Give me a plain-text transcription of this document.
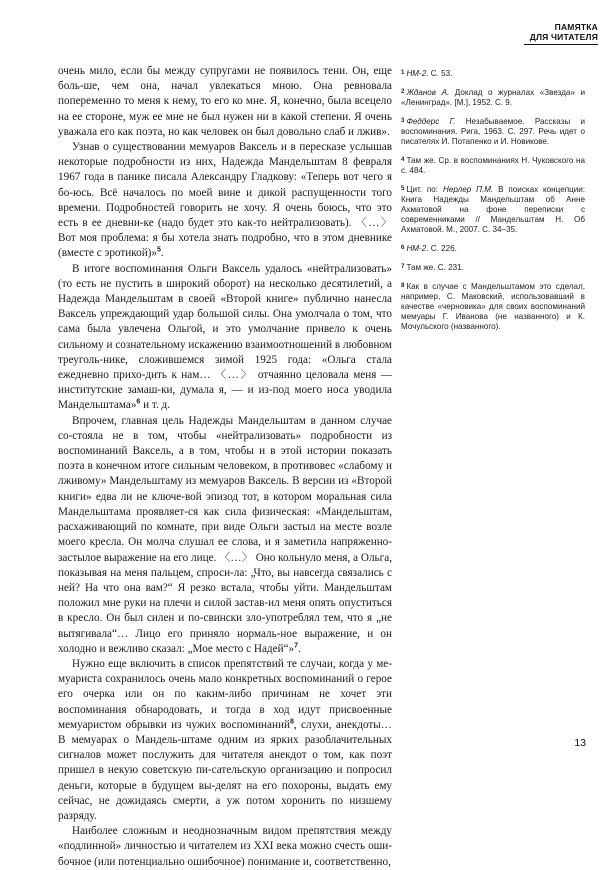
ПАМЯТКА
ДЛЯ ЧИТАТЕЛЯ

очень мило, если бы между супругами не появилось тени. Он, еще боль-ше, чем она, начал увлекаться мною. Она ревновала попеременно то меня к нему, то его ко мне. Я, конечно, была всецело на ее стороне, муж ее мне не был нужен ни в какой степени. Я очень уважала его как поэта, но как человек он был довольно слаб и лжив».

Узнав о существовании мемуаров Ваксель и в пересказе услышав некоторые подробности из них, Надежда Мандельштам 8 февраля 1967 года в панике писала Александру Гладкову: «Теперь вот чего я бо-юсь. Всё началось по моей вине и дикой распущенности того времени. Подробностей говорить не хочу. Я очень боюсь, что это есть в ее дневни-ке (надо будет это как-то нейтрализовать). 〈…〉 Вот моя проблема: я бы хотела знать подробно, что в этом дневнике (вместе с эротикой)»$^5$.

В итоге воспоминания Ольги Ваксель удалось «нейтрализовать» (то есть не пустить в широкий оборот) на несколько десятилетий, а Надежда Мандельштам в своей «Второй книге» публично нанесла Ваксель упреждающий удар большой силы. Она умолчала о том, что сама была увлечена Ольгой, и это умолчание привело к очень сильному и сознательному искажению взаимоотношений в любовном треуголь-нике, сложившемся зимой 1925 года: «Ольга стала ежедневно прихо-дить к нам… 〈…〉 отчаянно целовала меня — институтские замаш-ки, думала я, — и из-под моего носа уводила Мандельштама»$^6$ и т. д.

Впрочем, главная цель Надежды Мандельштам в данном случае со-стояла не в том, чтобы «нейтрализовать» подробности из воспоминаний Ваксель, а в том, чтобы и в этой истории показать поэта в конечном итоге сильным человеком, в противовес «слабому и лживому» Мандельштаму из мемуаров Ваксель. В версии из «Второй книги» едва ли не ключе-вой эпизод тот, в котором моральная сила Мандельштама проявляет-ся как сила физическая: «Мандельштам, расхаживающий по комнате, при виде Ольги застыл на месте возле моего кресла. Он молча слушал ее слова, и я заметила напряженно-застылое выражение на его лице. 〈…〉 Оно кольнуло меня, а Ольга, показывая на меня пальцем, спроси-ла: „Что, вы навсегда связались с ней? На что она вам?“ Я резко встала, чтобы уйти. Мандельштам положил мне руки на плечи и силой застав-ил меня опять опуститься в кресло. Он был силен и по-свински зло-употреблял тем, что я „не вытягивала“… Лицо его приняло нормаль-ное выражение, и он холодно и вежливо сказал: „Мое место с Надей“»$^7$.

Нужно еще включить в список препятствий те случаи, когда у ме-муариста сохранилось очень мало конкретных воспоминаний о герое его очерка или он по каким-либо причинам не хочет эти воспоминания обнародовать, и тогда в ход идут присвоенные мемуаристом обрывки из чужих воспоминаний$^8$, слухи, анекдоты… В мемуарах о Мандель-штаме одним из ярких разоблачительных сигналов может послужить для читателя анекдот о том, как поэт пришел в некую советскую пи-сательскую организацию и попросил деньги, которые в будущем вы-делят на его похороны, выдать ему сейчас, не дожидаясь смерти, а уж потом хоронить по низшему разряду.

Наиболее сложным и неоднозначным видом препятствия между «подлинной» личностью и читателем из XXI века можно счесть оши-бочное (или потенциально ошибочное) понимание и, соответственно,

$^1$ НМ-2. С. 53.
$^2$ Жданов А. Доклад о журналах «Звезда» и «Ленинград». [М.], 1952. С. 9.
$^3$ Феддерс Г. Незабываемое. Рассказы и воспоминания. Рига, 1963. С. 297. Речь идет о писателях И. Потапенко и И. Новикове.
$^4$ Там же. Ср. в воспоминаниях Н. Чуковского на с. 484.
$^5$ Цит. по: Нерлер П.М. В поисках концепции: Книга Надежды Мандельштам об Анне Ахматовой на фоне переписки с современниками // Мандельштам Н. Об Ахматовой. М., 2007. С. 34–35.
$^6$ НМ-2. С. 226.
$^7$ Там же. С. 231.
$^8$ Как в случае с Мандельштамом это сделал, например, С. Маковский, использовавший в качестве «черновика» для своих воспоминаний мемуары Г. Иванова (не названного) и К. Мочульского (названного).
13
